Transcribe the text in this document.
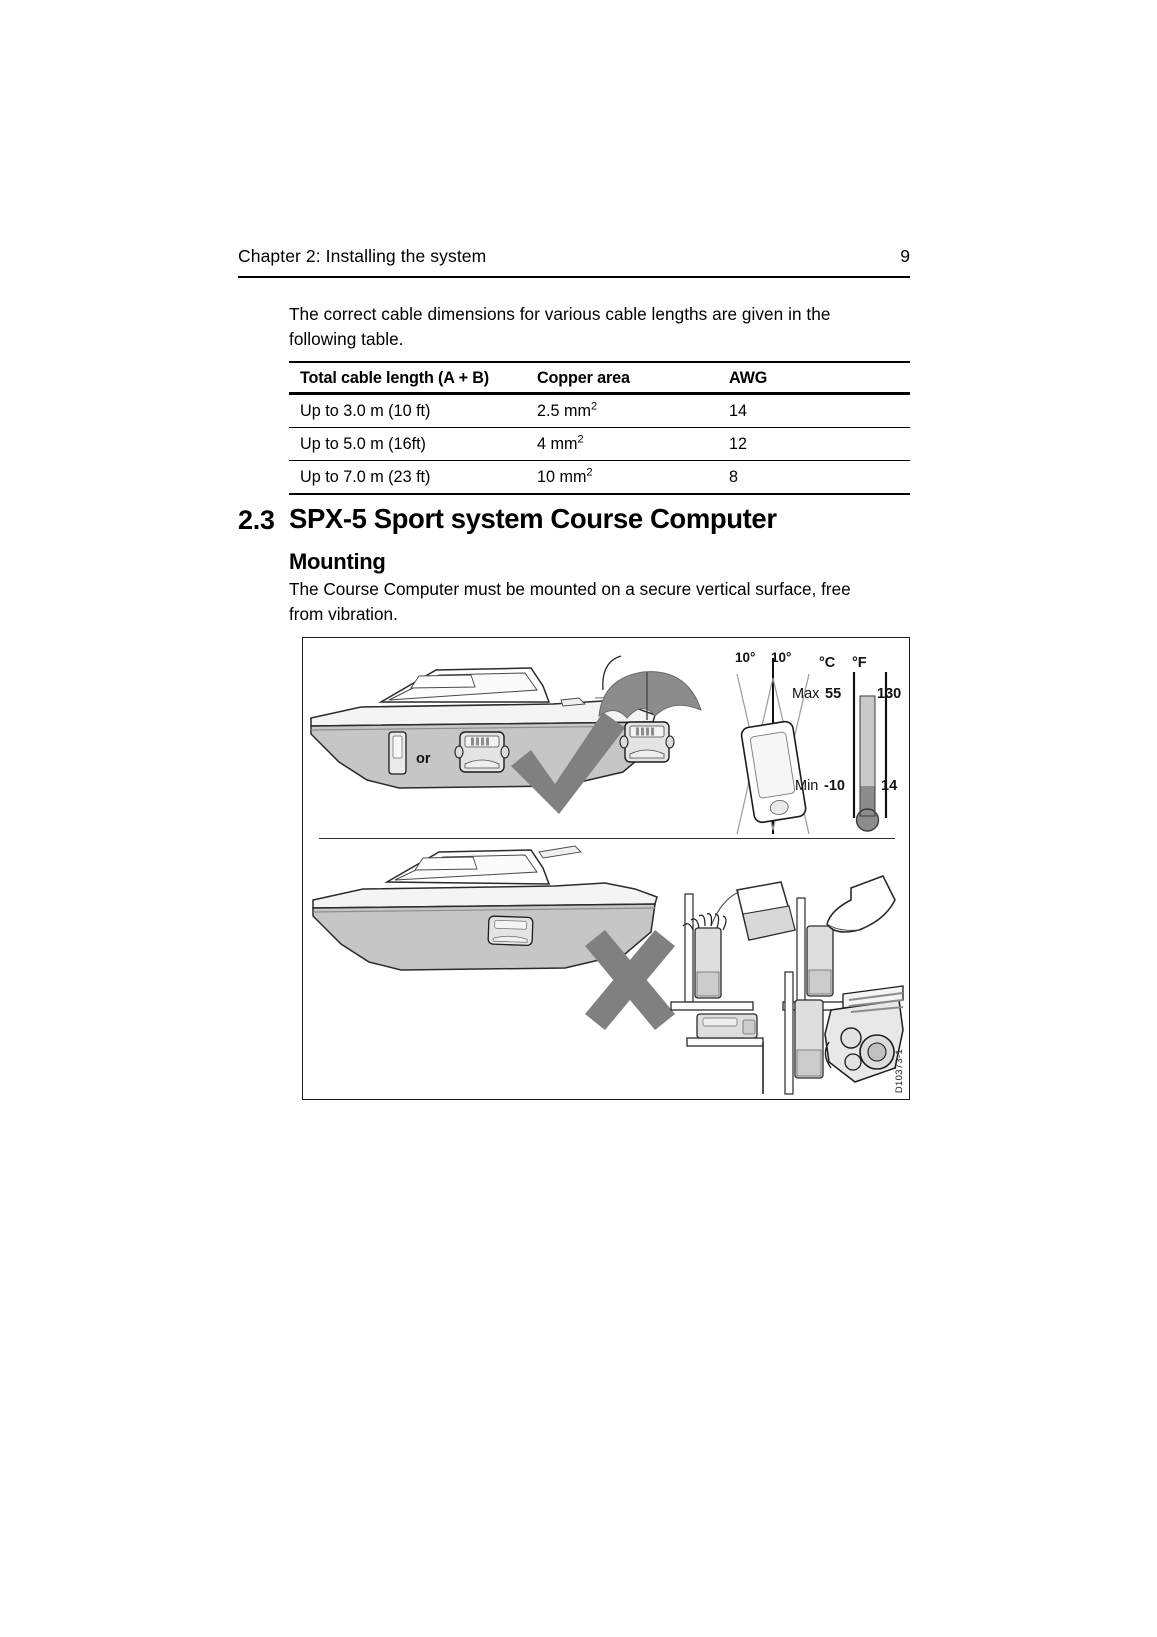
Chapter 2: Installing the system	9
The correct cable dimensions for various cable lengths are given in the following table.
Total cable length (A + B)	Copper area	AWG
Up to 3.0 m (10 ft)	2.5 $mm^2$	14
Up to 5.0 m (16ft)	4 $mm^2$	12
Up to 7.0 m (23 ft)	10 $mm^2$	8
2.3 SPX-5 Sport system Course Computer
Mounting
The Course Computer must be mounted on a secure vertical surface, free from vibration.
or
10° 10° °C °F
Max 55 130
Min -10 14
D10373-1
